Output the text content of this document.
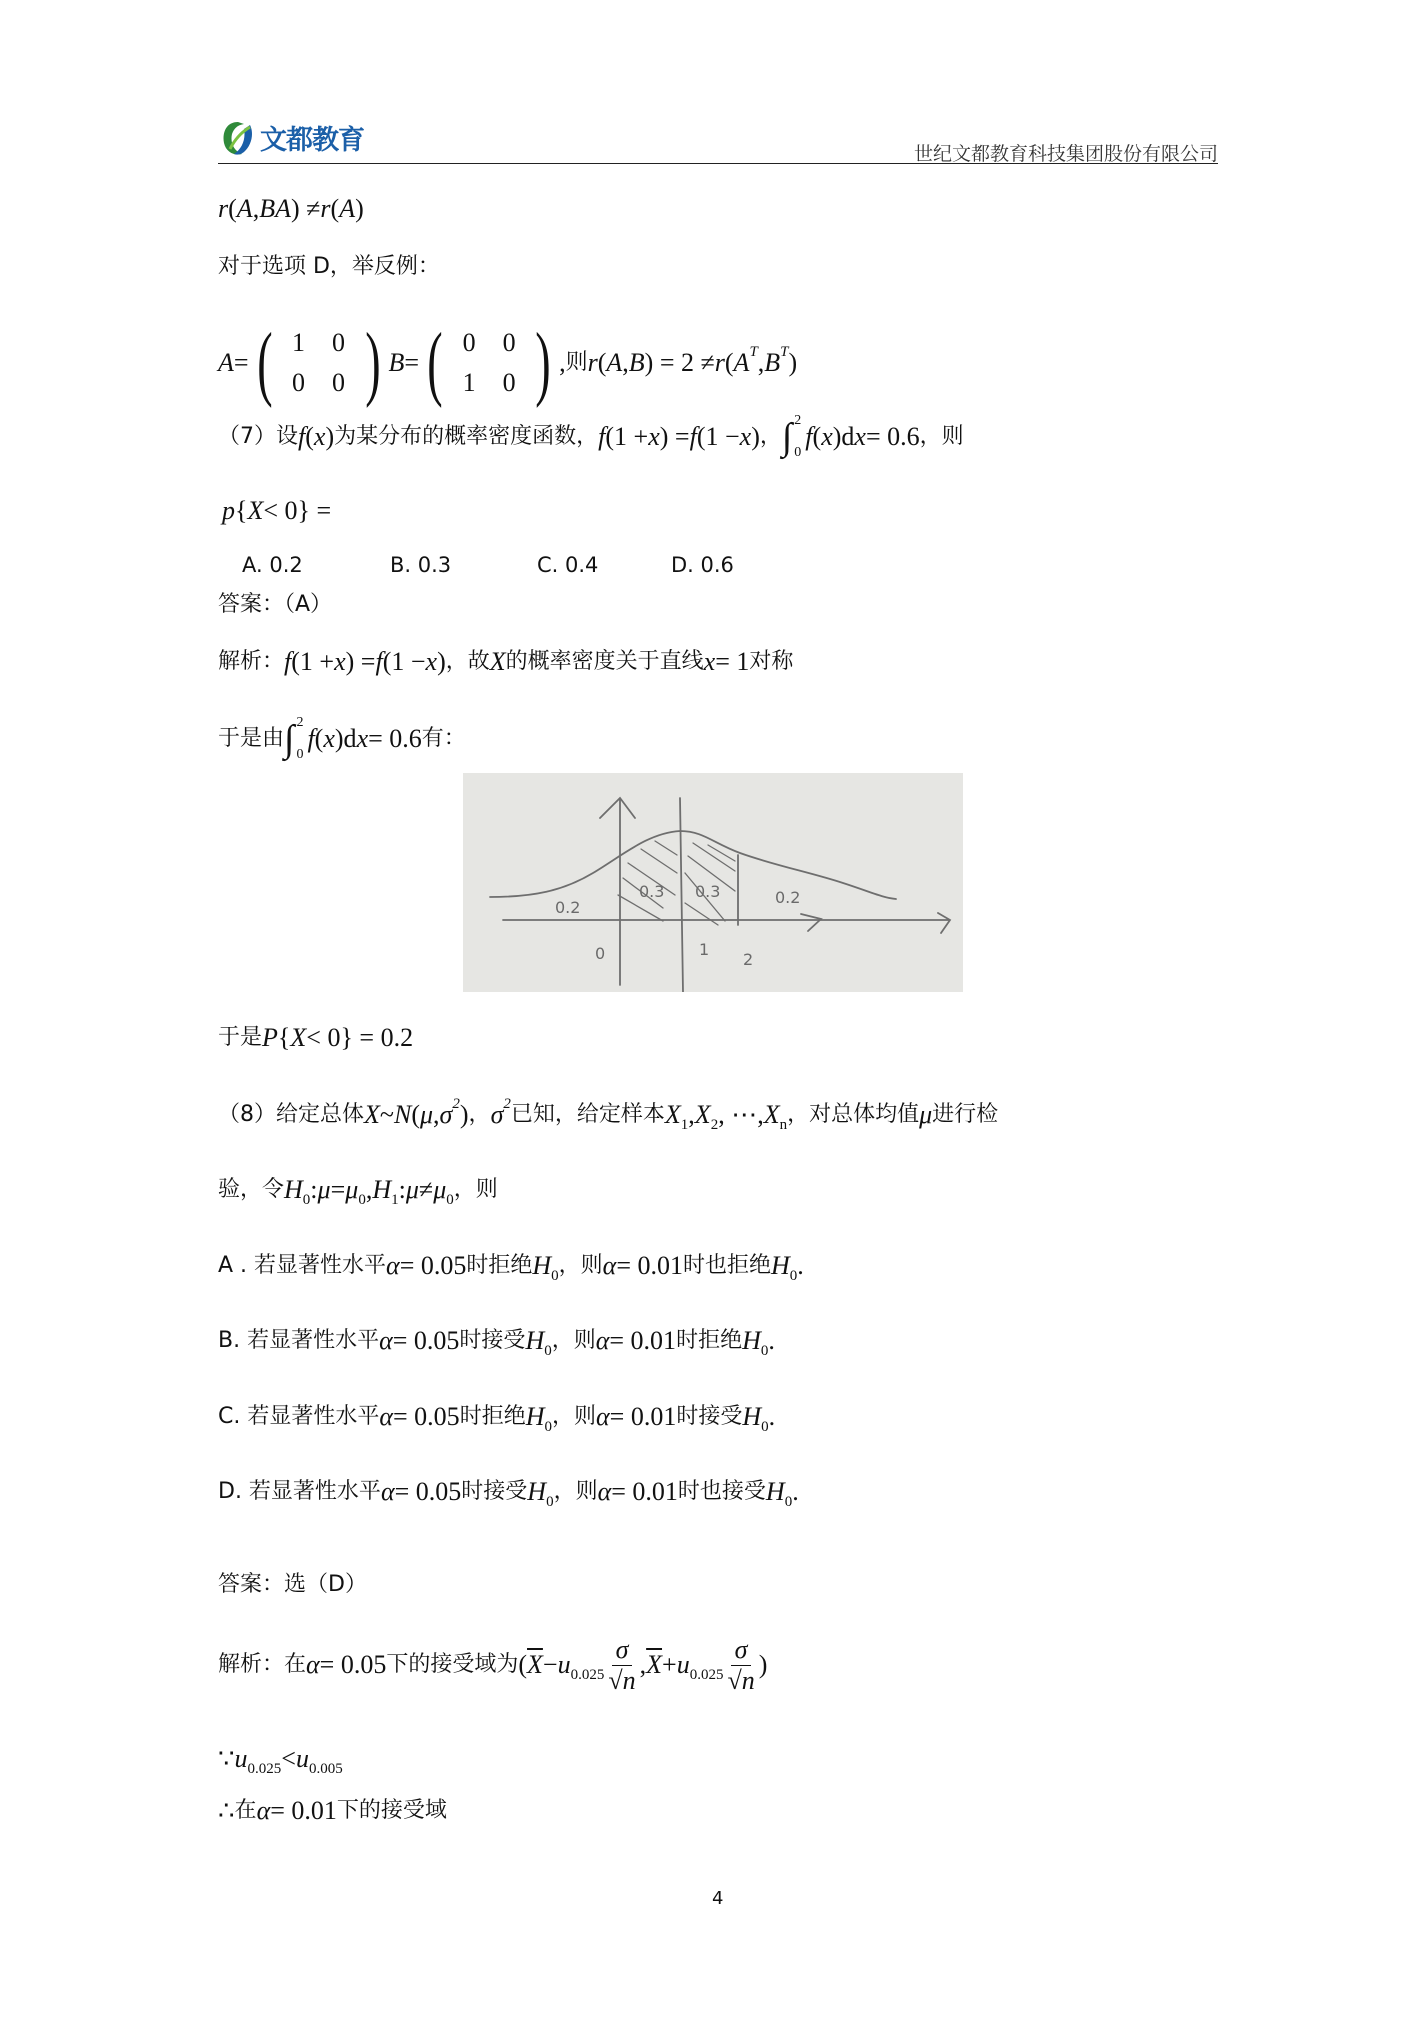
文都教育	世纪文都教育科技集团股份有限公司
r ( A , BA ) ≠ r ( A )
对于选项 D，举反例：
A = ( 1	0
0	0 ) B = ( 0	0
1	0 ) , 则 r ( A , B ) = 2 ≠ r ( A T , B T )
（7）设 f ( x ) 为某分布的概率密度函数， f (1 + x ) = f (1 − x ) ， ∫ 2
0
f ( x )d x = 0.6 ，则
p { X < 0} =
A. 0.2	B. 0.3	C. 0.4	D. 0.6
答案：（A）
解析： f (1 + x ) = f (1 − x ) ，故 X 的概率密度关于直线 x = 1 对称
于是由 ∫ 2
0
f ( x )d x = 0.6 有：
0.2
0.3 0.3	0.2
0	1
2
于是 P { X < 0} = 0.2
（8）给定总体 X ~ N ( μ , σ 2 ) ， σ 2 已知，给定样本 X 1 , X 2 , ⋯, X n ，对总体均值 μ 进行检
验，令 H 0 : μ = μ 0 , H 1 : μ ≠ μ 0 ，则
A . 若显著性水平 α = 0.05 时拒绝 H 0 ，则 α = 0.01 时也拒绝 H 0 .
B. 若显著性水平 α = 0.05 时接受 H 0 ，则 α = 0.01 时拒绝 H 0 .
C. 若显著性水平 α = 0.05 时拒绝 H 0 ，则 α = 0.01 时接受 H 0 .
D. 若显著性水平 α = 0.05 时接受 H 0 ，则 α = 0.01 时也接受 H 0 .
答案：选（D）
解析：在 α = 0.05 下的接受域为 ( $\overline{X} - u$ $0.025 \frac{\sigma}{√n}$ , $\overline{X} + u$ $0.025 \frac{\sigma}{√n}$ )
∵ u 0.025 < u 0.005
∴ 在 α = 0.01 下的接受域
4
